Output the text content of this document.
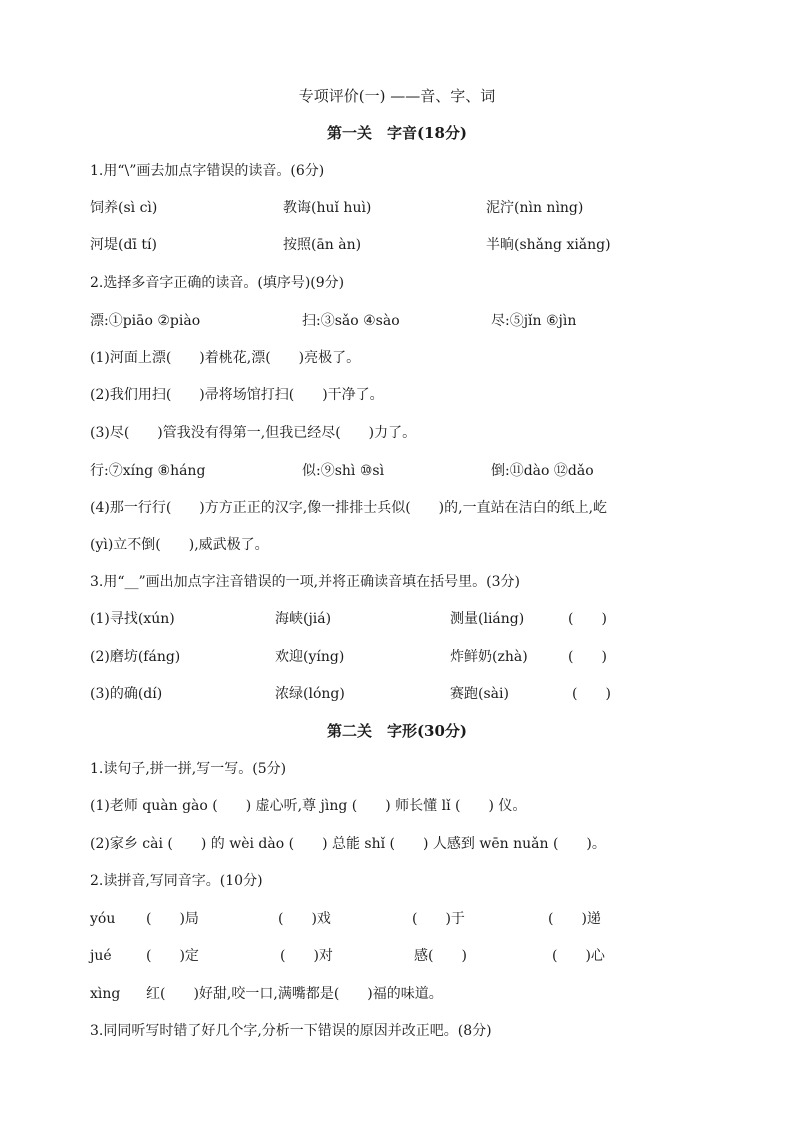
专项评价(一) ——音、字、词
第一关　字音(18分)
1.用“\”画去加点字错误的读音。(6分)
饲养(sì cì)	教诲(huǐ huì)	泥泞(nìn nìng)
河堤(dī tí)	按照(ān àn)	半晌(shǎng xiǎng)
2.选择多音字正确的读音。(填序号)(9分)
漂:①piāo ②piào	扫:③sǎo ④sào	尽:⑤jǐn ⑥jìn
(1)河面上漂(　　)着桃花,漂(　　)亮极了。
(2)我们用扫(　　)帚将场馆打扫(　　)干净了。
(3)尽(　　)管我没有得第一,但我已经尽(　　)力了。
行:⑦xíng ⑧háng	似:⑨shì ⑩sì	倒:⑪dào ⑫dǎo
(4)那一行行(　　)方方正正的汉字,像一排排士兵似(　　)的,一直站在洁白的纸上,屹
(yì)立不倒(　　),威武极了。
3.用“__”画出加点字注音错误的一项,并将正确读音填在括号里。(3分)
(1)寻找(xún)	海峡(jiá)	测量(liáng)	(　　)
(2)磨坊(fáng)	欢迎(yíng)	炸鲜奶(zhà)	(　　)
(3)的确(dí)	浓绿(lóng)	赛跑(sài)	(　　)
第二关　字形(30分)
1.读句子,拼一拼,写一写。(5分)
(1)老师 quàn gào (　　) 虚心听,尊 jìng (　　) 师长懂 lǐ (　　) 仪。
(2)家乡 cài (　　) 的 wèi dào (　　) 总能 shǐ (　　) 人感到 wēn nuǎn (　　)。
2.读拼音,写同音字。(10分)
yóu (　　)局	(　　)戏	(　　)于	(　　)递
jué (　　)定	(　　)对	感(　　)	(　　)心
xìng 红(　　)好甜,咬一口,满嘴都是(　　)福的味道。
3.同同听写时错了好几个字,分析一下错误的原因并改正吧。(8分)
